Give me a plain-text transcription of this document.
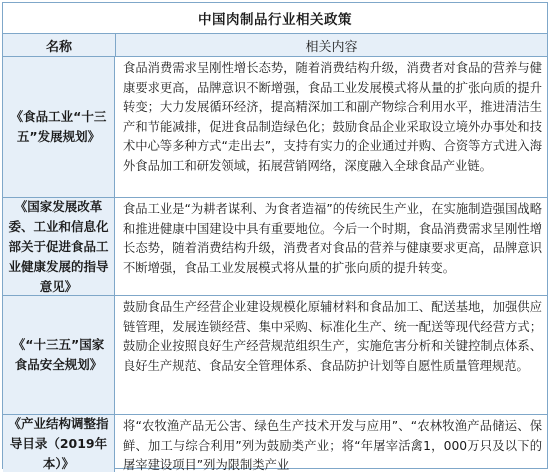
中国肉制品行业相关政策
名称	相关内容
《食品工业“十三五”发展规划》
食品消费需求呈刚性增长态势，随着消费结构升级，消费者对食品的营养与健康要求更高，品牌意识不断增强，食品工业发展模式将从量的扩张向质的提升转变；大力发展循环经济，提高精深加工和副产物综合利用水平，推进清洁生产和节能减排，促进食品制造绿色化；鼓励食品企业采取设立境外办事处和技术中心等多种方式“走出去”，支持有实力的企业通过并购、合资等方式进入海外食品加工和研发领域，拓展营销网络，深度融入全球食品产业链。
《国家发展改革委、工业和信息化部关于促进食品工业健康发展的指导意见》
食品工业是“为耕者谋利、为食者造福”的传统民生产业，在实施制造强国战略和推进健康中国建设中具有重要地位。今后一个时期，食品消费需求呈刚性增长态势，随着消费结构升级，消费者对食品的营养与健康要求更高，品牌意识不断增强，食品工业发展模式将从量的扩张向质的提升转变。
《“十三五”国家食品安全规划》
鼓励食品生产经营企业建设规模化原辅材料和食品加工、配送基地，加强供应链管理，发展连锁经营、集中采购、标准化生产、统一配送等现代经营方式；鼓励企业按照良好生产经营规范组织生产，实施危害分析和关键控制点体系、良好生产规范、食品安全管理体系、食品防护计划等自愿性质量管理规范。
《产业结构调整指导目录（2019年本）》
将“农牧渔产品无公害、绿色生产技术开发与应用”、“农林牧渔产品储运、保鲜、加工与综合利用”列为鼓励类产业；将“年屠宰活禽1，000万只及以下的屠宰建设项目”列为限制类产业
